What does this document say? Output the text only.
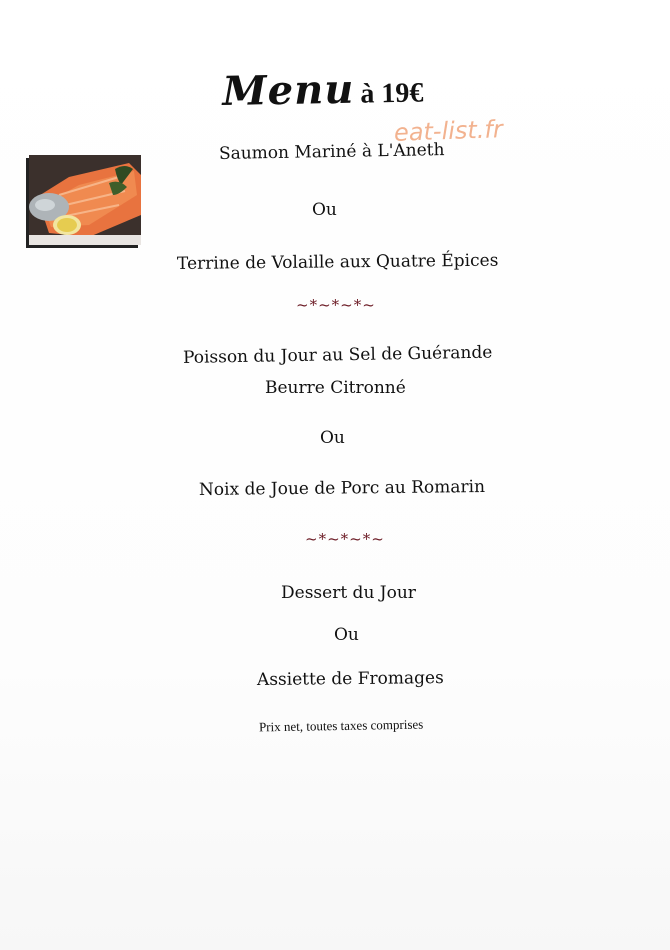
Menu à 19€
eat-list.fr
Saumon Mariné à L'Aneth
Ou
Terrine de Volaille aux Quatre Épices
~*~*~*~
Poisson du Jour au Sel de Guérande
Beurre Citronné
Ou
Noix de Joue de Porc au Romarin
~*~*~*~
Dessert du Jour
Ou
Assiette de Fromages
Prix net, toutes taxes comprises
